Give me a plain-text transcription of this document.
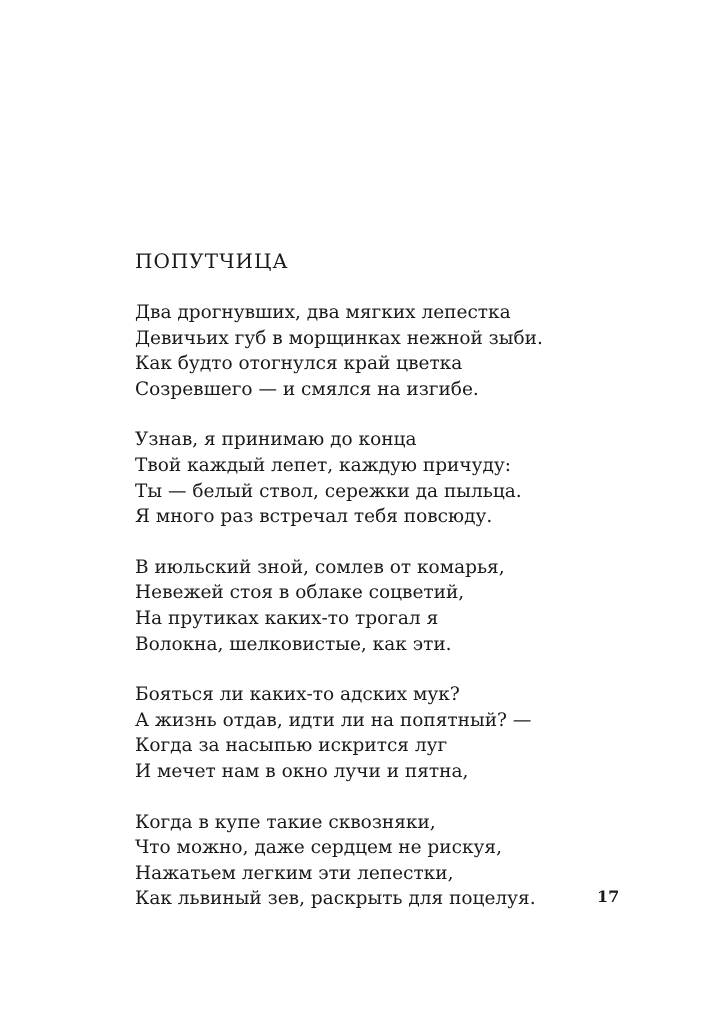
ПОПУТЧИЦА
Два дрогнувших, два мягких лепестка
Девичьих губ в морщинках нежной зыби.
Как будто отогнулся край цветка
Созревшего — и смялся на изгибе.
Узнав, я принимаю до конца
Твой каждый лепет, каждую причуду:
Ты — белый ствол, сережки да пыльца.
Я много раз встречал тебя повсюду.
В июльский зной, сомлев от комарья,
Невежей стоя в облаке соцветий,
На прутиках каких-то трогал я
Волокна, шелковистые, как эти.
Бояться ли каких-то адских мук?
А жизнь отдав, идти ли на попятный? —
Когда за насыпью искрится луг
И мечет нам в окно лучи и пятна,
Когда в купе такие сквозняки,
Что можно, даже сердцем не рискуя,
Нажатьем легким эти лепестки,
Как львиный зев, раскрыть для поцелуя.	17
